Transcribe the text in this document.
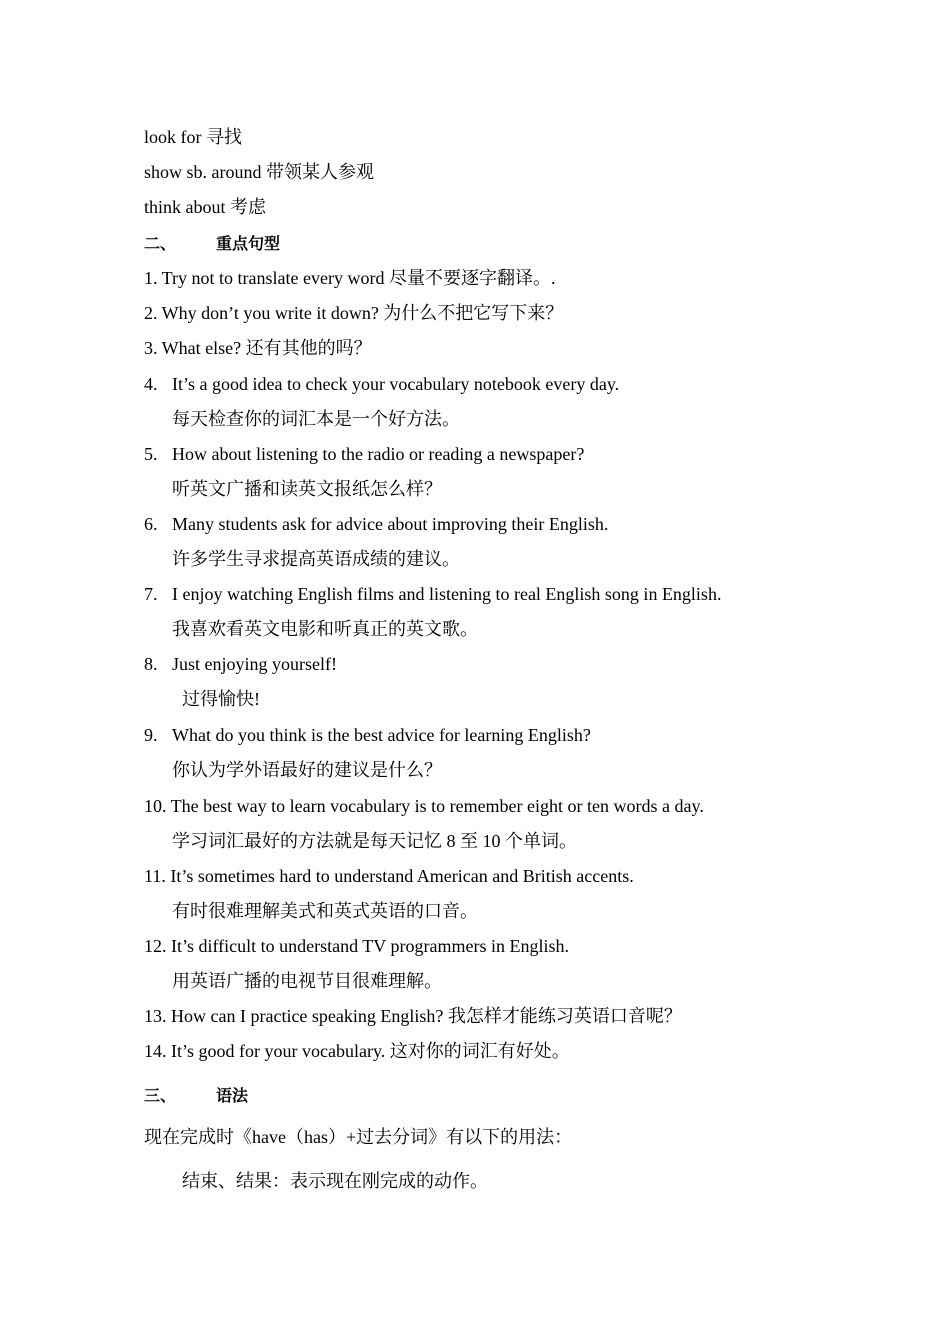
look for 寻找
show sb. around 带领某人参观
think about 考虑
二、	重点句型
1. Try not to translate every word 尽量不要逐字翻译。.
2. Why don’t you write it down? 为什么不把它写下来？
3. What else? 还有其他的吗？
4. It’s a good idea to check your vocabulary notebook every day.
每天检查你的词汇本是一个好方法。
5. How about listening to the radio or reading a newspaper?
听英文广播和读英文报纸怎么样？
6. Many students ask for advice about improving their English.
许多学生寻求提高英语成绩的建议。
7. I enjoy watching English films and listening to real English song in English.
我喜欢看英文电影和听真正的英文歌。
8. Just enjoying yourself!
过得愉快!
9. What do you think is the best advice for learning English?
你认为学外语最好的建议是什么？
10. The best way to learn vocabulary is to remember eight or ten words a day.
学习词汇最好的方法就是每天记忆 8 至 10 个单词。
11. It’s sometimes hard to understand American and British accents.
有时很难理解美式和英式英语的口音。
12. It’s difficult to understand TV programmers in English.
用英语广播的电视节目很难理解。
13. How can I practice speaking English? 我怎样才能练习英语口音呢？
14. It’s good for your vocabulary. 这对你的词汇有好处。
三、	语法
现在完成时《have（has）+过去分词》有以下的用法：
结束、结果：表示现在刚完成的动作。
